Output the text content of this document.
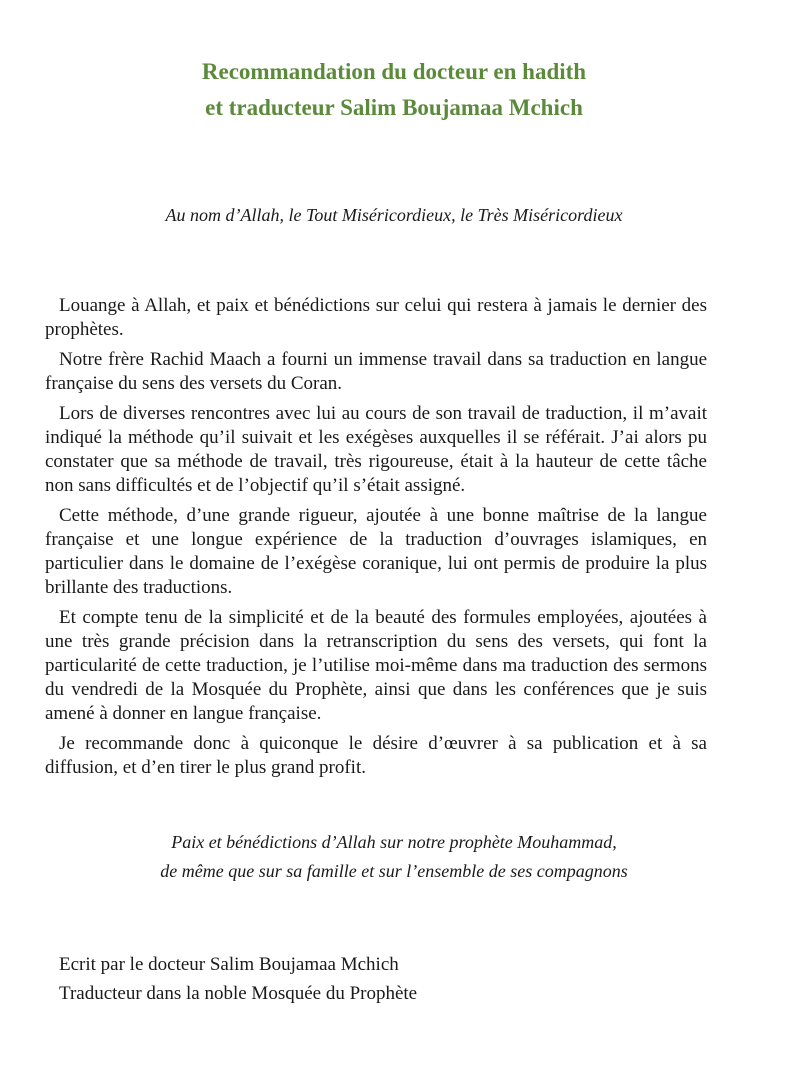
Recommandation du docteur en hadith
et traducteur Salim Boujamaa Mchich

Au nom d’Allah, le Tout Miséricordieux, le Très Miséricordieux

Louange à Allah, et paix et bénédictions sur celui qui restera à jamais le dernier des prophètes.

Notre frère Rachid Maach a fourni un immense travail dans sa traduction en langue française du sens des versets du Coran.

Lors de diverses rencontres avec lui au cours de son travail de traduction, il m’avait indiqué la méthode qu’il suivait et les exégèses auxquelles il se référait. J’ai alors pu constater que sa méthode de travail, très rigoureuse, était à la hauteur de cette tâche non sans difficultés et de l’objectif qu’il s’était assigné.

Cette méthode, d’une grande rigueur, ajoutée à une bonne maîtrise de la langue française et une longue expérience de la traduction d’ouvrages islamiques, en particulier dans le domaine de l’exégèse coranique, lui ont permis de produire la plus brillante des traductions.

Et compte tenu de la simplicité et de la beauté des formules employées, ajoutées à une très grande précision dans la retranscription du sens des versets, qui font la particularité de cette traduction, je l’utilise moi-même dans ma traduction des sermons du vendredi de la Mosquée du Prophète, ainsi que dans les conférences que je suis amené à donner en langue française.

Je recommande donc à quiconque le désire d’œuvrer à sa publication et à sa diffusion, et d’en tirer le plus grand profit.

Paix et bénédictions d’Allah sur notre prophète Mouhammad,
de même que sur sa famille et sur l’ensemble de ses compagnons
Ecrit par le docteur Salim Boujamaa Mchich
Traducteur dans la noble Mosquée du Prophète
